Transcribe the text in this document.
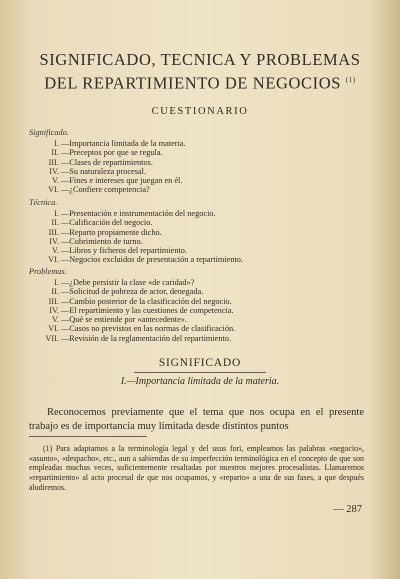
SIGNIFICADO, TECNICA Y PROBLEMAS
DEL REPARTIMIENTO DE NEGOCIOS $^{(1)}$
CUESTIONARIO
Significado.
I. —Importancia limitada de la materia.
II. —Preceptos por que se regula.
III. —Clases de repartimientos.
IV. —Su naturaleza procesal.
V. —Fines e intereses que juegan en él.
VI. —¿Confiere competencia?
Técnica.
I. —Presentación e instrumentación del negocio.
II. —Calificación del negocio.
III. —Reparto propiamente dicho.
IV. —Cubrimiento de turno.
V. —Libros y ficheros del repartimiento.
VI. —Negocios excluidos de presentación a repartimiento.
Problemas.
I. —¿Debe persistir la clase «de caridad»?
II. —Solicitud de pobreza de actor, denegada.
III. —Cambio posterior de la clasificación del negocio.
IV. —El repartimiento y las cuestiones de competencia.
V. —Qué se entiende por «antecedente».
VI. —Casos no previstos en las normas de clasificación.
VII. —Revisión de la reglamentación del repartimiento.
SIGNIFICADO
I.—Importancia limitada de la materia.
Reconocemos previamente que el tema que nos ocupa en el presente trabajo es de importancia muy limitada desde distintos puntos
(1) Para adaptarnos a la terminología legal y del usus fori, empleamos las palabras «negocio», «asunto», «despacho», etc., aun a sabiendas de su imperfección terminológica en el concepto de que son empleadas muchas veces, suficientemente resaltadas por nuestros mejores procesalistas. Llamaremos «repartimiento» al acto procesal de que nos ocupamos, y «reparto» a una de sus fases, a que después aludiremos.
— 287
